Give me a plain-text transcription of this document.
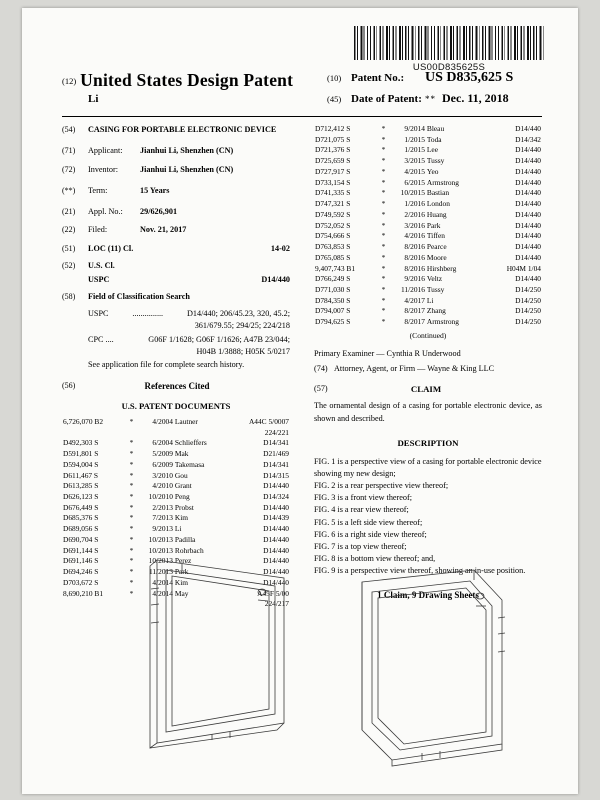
US00D835625S
$^{(12)}$ United States Design Patent
Li
(10) Patent No.:	US D835,625 S
(45) Date of Patent: ** Dec. 11, 2018
(54)	CASING FOR PORTABLE ELECTRONIC DEVICE
(71)	Applicant: Jianhui Li, Shenzhen (CN)
(72)	Inventor:	Jianhui Li, Shenzhen (CN)
(**)	Term:	15 Years
(21)	Appl. No.: 29/626,901
(22)	Filed:	Nov. 21, 2017
(51)	LOC (11) Cl.	14-02
(52)	U.S. Cl.
USPC	D14/440
(58)	Field of Classification Search
USPC	...............	D14/440; 206/45.23, 320, 45.2;
361/679.55; 294/25; 224/218
CPC ....	G06F 1/1628; G06F 1/1626; A47B 23/044;
H04B 1/3888; H05K 5/0217
See application file for complete search history.
(56)	References Cited
U.S. PATENT DOCUMENTS
6,726,070 B2	*	4/2004	Lautner	A44C 5/0007
				224/221
D492,303 S	*	6/2004	Schlieffers	D14/341
D591,801 S	*	5/2009	Mak	D21/469
D594,004 S	*	6/2009	Takemasa	D14/341
D611,467 S	*	3/2010	Gou	D14/315
D613,285 S	*	4/2010	Grant	D14/440
D626,123 S	*	10/2010	Peng	D14/324
D676,449 S	*	2/2013	Probst	D14/440
D685,376 S	*	7/2013	Kim	D14/439
D689,056 S	*	9/2013	Li	D14/440
D690,704 S	*	10/2013	Padilla	D14/440
D691,144 S	*	10/2013	Rohrbach	D14/440
D691,146 S	*	10/2013	Perez	D14/440
D694,246 S	*	11/2013	Park	D14/440
D703,672 S	*	4/2014	Kim	D14/440
8,690,210 B1	*	4/2014	May	A45F 5/00
				224/217
D712,412 S	*	9/2014	Bleau	D14/440
D721,075 S	*	1/2015	Toda	D14/342
D721,376 S	*	1/2015	Lee	D14/440
D725,659 S	*	3/2015	Tussy	D14/440
D727,917 S	*	4/2015	Yeo	D14/440
D733,154 S	*	6/2015	Armstrong	D14/440
D741,335 S	*	10/2015	Bastian	D14/440
D747,321 S	*	1/2016	London	D14/440
D749,592 S	*	2/2016	Huang	D14/440
D752,052 S	*	3/2016	Park	D14/440
D754,666 S	*	4/2016	Tiffen	D14/440
D763,853 S	*	8/2016	Pearce	D14/440
D765,085 S	*	8/2016	Moore	D14/440
9,407,743 B1	*	8/2016	Hirshberg	H04M 1/04
D766,249 S	*	9/2016	Veltz	D14/440
D771,030 S	*	11/2016	Tussy	D14/250
D784,350 S	*	4/2017	Li	D14/250
D794,007 S	*	8/2017	Zhang	D14/250
D794,625 S	*	8/2017	Armstrong	D14/250
(Continued)
Primary Examiner — Cynthia R Underwood
(74) Attorney, Agent, or Firm — Wayne & King LLC
(57)	CLAIM
The ornamental design of a casing for portable electronic device, as shown and described.
DESCRIPTION
FIG. 1 is a perspective view of a casing for portable electronic device showing my new design;
FIG. 2 is a rear perspective view thereof;
FIG. 3 is a front view thereof;
FIG. 4 is a rear view thereof;
FIG. 5 is a left side view thereof;
FIG. 6 is a right side view thereof;
FIG. 7 is a top view thereof;
FIG. 8 is a bottom view thereof; and,
FIG. 9 is a perspective view thereof, showing an in-use position.
1 Claim, 9 Drawing Sheets
